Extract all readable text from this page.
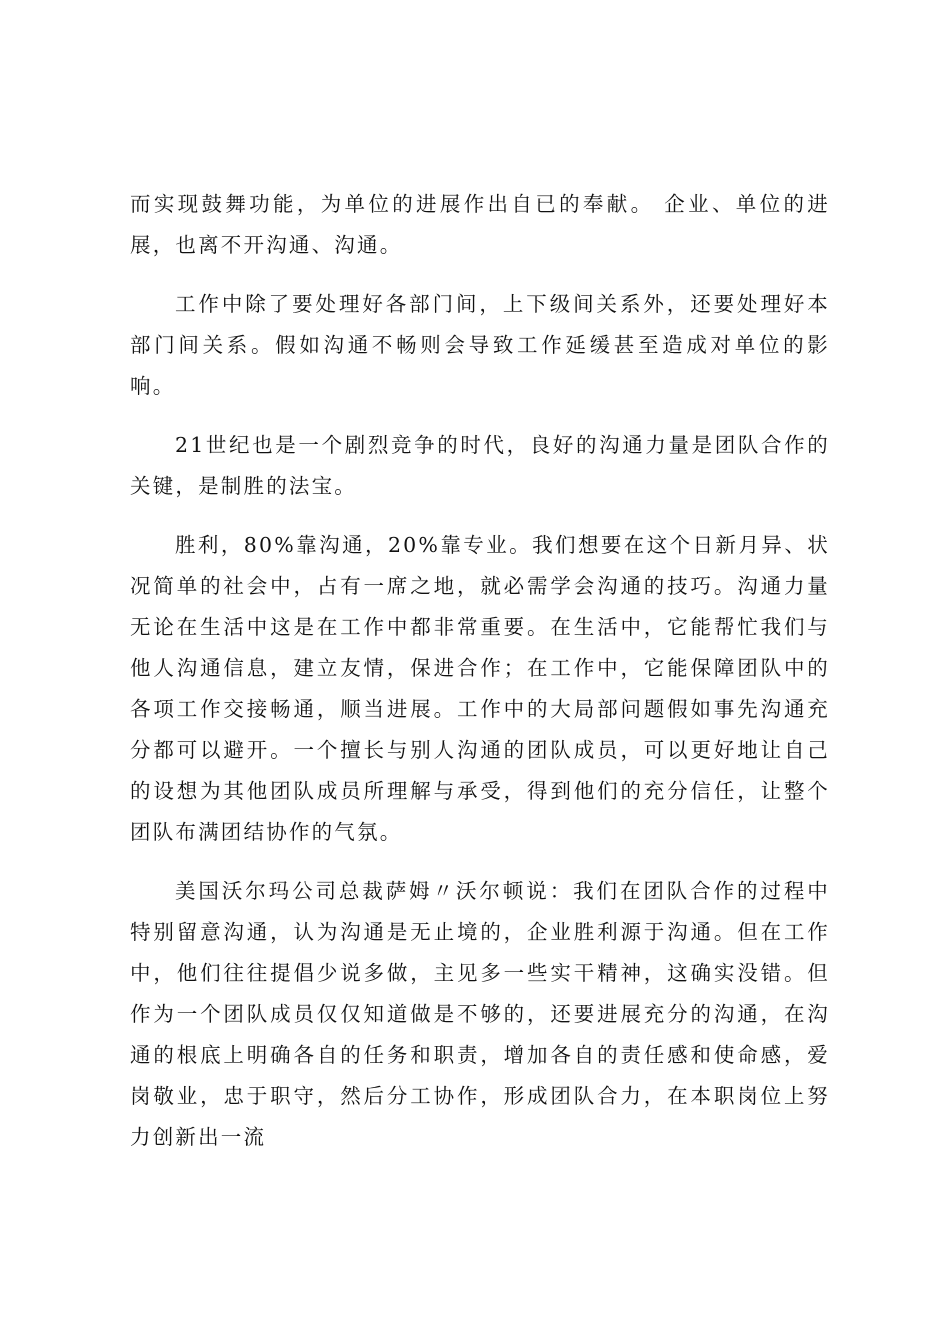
而实现鼓舞功能，为单位的进展作出自已的奉献。 企业、单位的进展，也离不开沟通、沟通。

工作中除了要处理好各部门间，上下级间关系外，还要处理好本部门间关系。假如沟通不畅则会导致工作延缓甚至造成对单位的影响。

21世纪也是一个剧烈竞争的时代，良好的沟通力量是团队合作的关键，是制胜的法宝。

胜利，80%靠沟通，20%靠专业。我们想要在这个日新月异、状况简单的社会中，占有一席之地，就必需学会沟通的技巧。沟通力量无论在生活中这是在工作中都非常重要。在生活中，它能帮忙我们与他人沟通信息，建立友情，保进合作；在工作中，它能保障团队中的各项工作交接畅通，顺当进展。工作中的大局部问题假如事先沟通充分都可以避开。一个擅长与别人沟通的团队成员，可以更好地让自己的设想为其他团队成员所理解与承受，得到他们的充分信任，让整个团队布满团结协作的气氛。

美国沃尔玛公司总裁萨姆〃沃尔顿说：我们在团队合作的过程中特别留意沟通，认为沟通是无止境的，企业胜利源于沟通。但在工作中，他们往往提倡少说多做，主见多一些实干精神，这确实没错。但作为一个团队成员仅仅知道做是不够的，还要进展充分的沟通，在沟通的根底上明确各自的任务和职责，增加各自的责任感和使命感，爱岗敬业，忠于职守，然后分工协作，形成团队合力，在本职岗位上努力创新出一流
